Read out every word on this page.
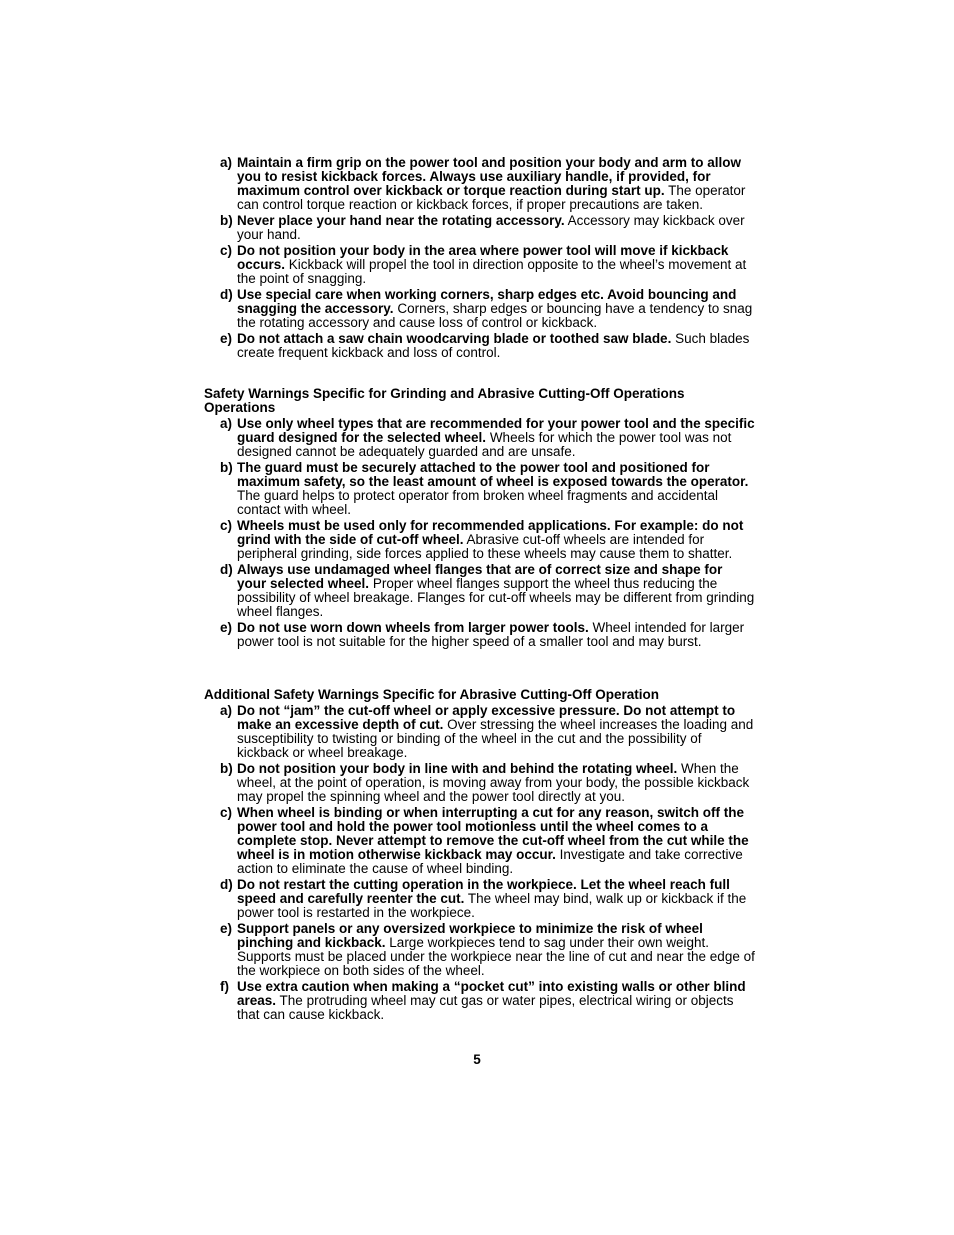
a) Maintain a firm grip on the power tool and position your body and arm to allow you to resist kickback forces. Always use auxiliary handle, if provided, for maximum control over kickback or torque reaction during start up. The operator can control torque reaction or kickback forces, if proper precautions are taken.
b) Never place your hand near the rotating accessory. Accessory may kickback over your hand.
c) Do not position your body in the area where power tool will move if kickback occurs. Kickback will propel the tool in direction opposite to the wheel’s movement at the point of snagging.
d) Use special care when working corners, sharp edges etc. Avoid bouncing and snagging the accessory. Corners, sharp edges or bouncing have a tendency to snag the rotating accessory and cause loss of control or kickback.
e) Do not attach a saw chain woodcarving blade or toothed saw blade. Such blades create frequent kickback and loss of control.
Safety Warnings Specific for Grinding and Abrasive Cutting-Off Operations Operations
a) Use only wheel types that are recommended for your power tool and the specific guard designed for the selected wheel. Wheels for which the power tool was not designed cannot be adequately guarded and are unsafe.
b) The guard must be securely attached to the power tool and positioned for maximum safety, so the least amount of wheel is exposed towards the operator. The guard helps to protect operator from broken wheel fragments and accidental contact with wheel.
c) Wheels must be used only for recommended applications. For example: do not grind with the side of cut-off wheel. Abrasive cut-off wheels are intended for peripheral grinding, side forces applied to these wheels may cause them to shatter.
d) Always use undamaged wheel flanges that are of correct size and shape for your selected wheel. Proper wheel flanges support the wheel thus reducing the possibility of wheel breakage. Flanges for cut-off wheels may be different from grinding wheel flanges.
e) Do not use worn down wheels from larger power tools. Wheel intended for larger power tool is not suitable for the higher speed of a smaller tool and may burst.
Additional Safety Warnings Specific for Abrasive Cutting-Off Operation
a) Do not “jam” the cut-off wheel or apply excessive pressure. Do not attempt to make an excessive depth of cut. Over stressing the wheel increases the loading and susceptibility to twisting or binding of the wheel in the cut and the possibility of kickback or wheel breakage.
b) Do not position your body in line with and behind the rotating wheel. When the wheel, at the point of operation, is moving away from your body, the possible kickback may propel the spinning wheel and the power tool directly at you.
c) When wheel is binding or when interrupting a cut for any reason, switch off the power tool and hold the power tool motionless until the wheel comes to a complete stop. Never attempt to remove the cut-off wheel from the cut while the wheel is in motion otherwise kickback may occur. Investigate and take corrective action to eliminate the cause of wheel binding.
d) Do not restart the cutting operation in the workpiece. Let the wheel reach full speed and carefully reenter the cut. The wheel may bind, walk up or kickback if the power tool is restarted in the workpiece.
e) Support panels or any oversized workpiece to minimize the risk of wheel pinching and kickback. Large workpieces tend to sag under their own weight. Supports must be placed under the workpiece near the line of cut and near the edge of the workpiece on both sides of the wheel.
f) Use extra caution when making a “pocket cut” into existing walls or other blind areas. The protruding wheel may cut gas or water pipes, electrical wiring or objects that can cause kickback.
5
